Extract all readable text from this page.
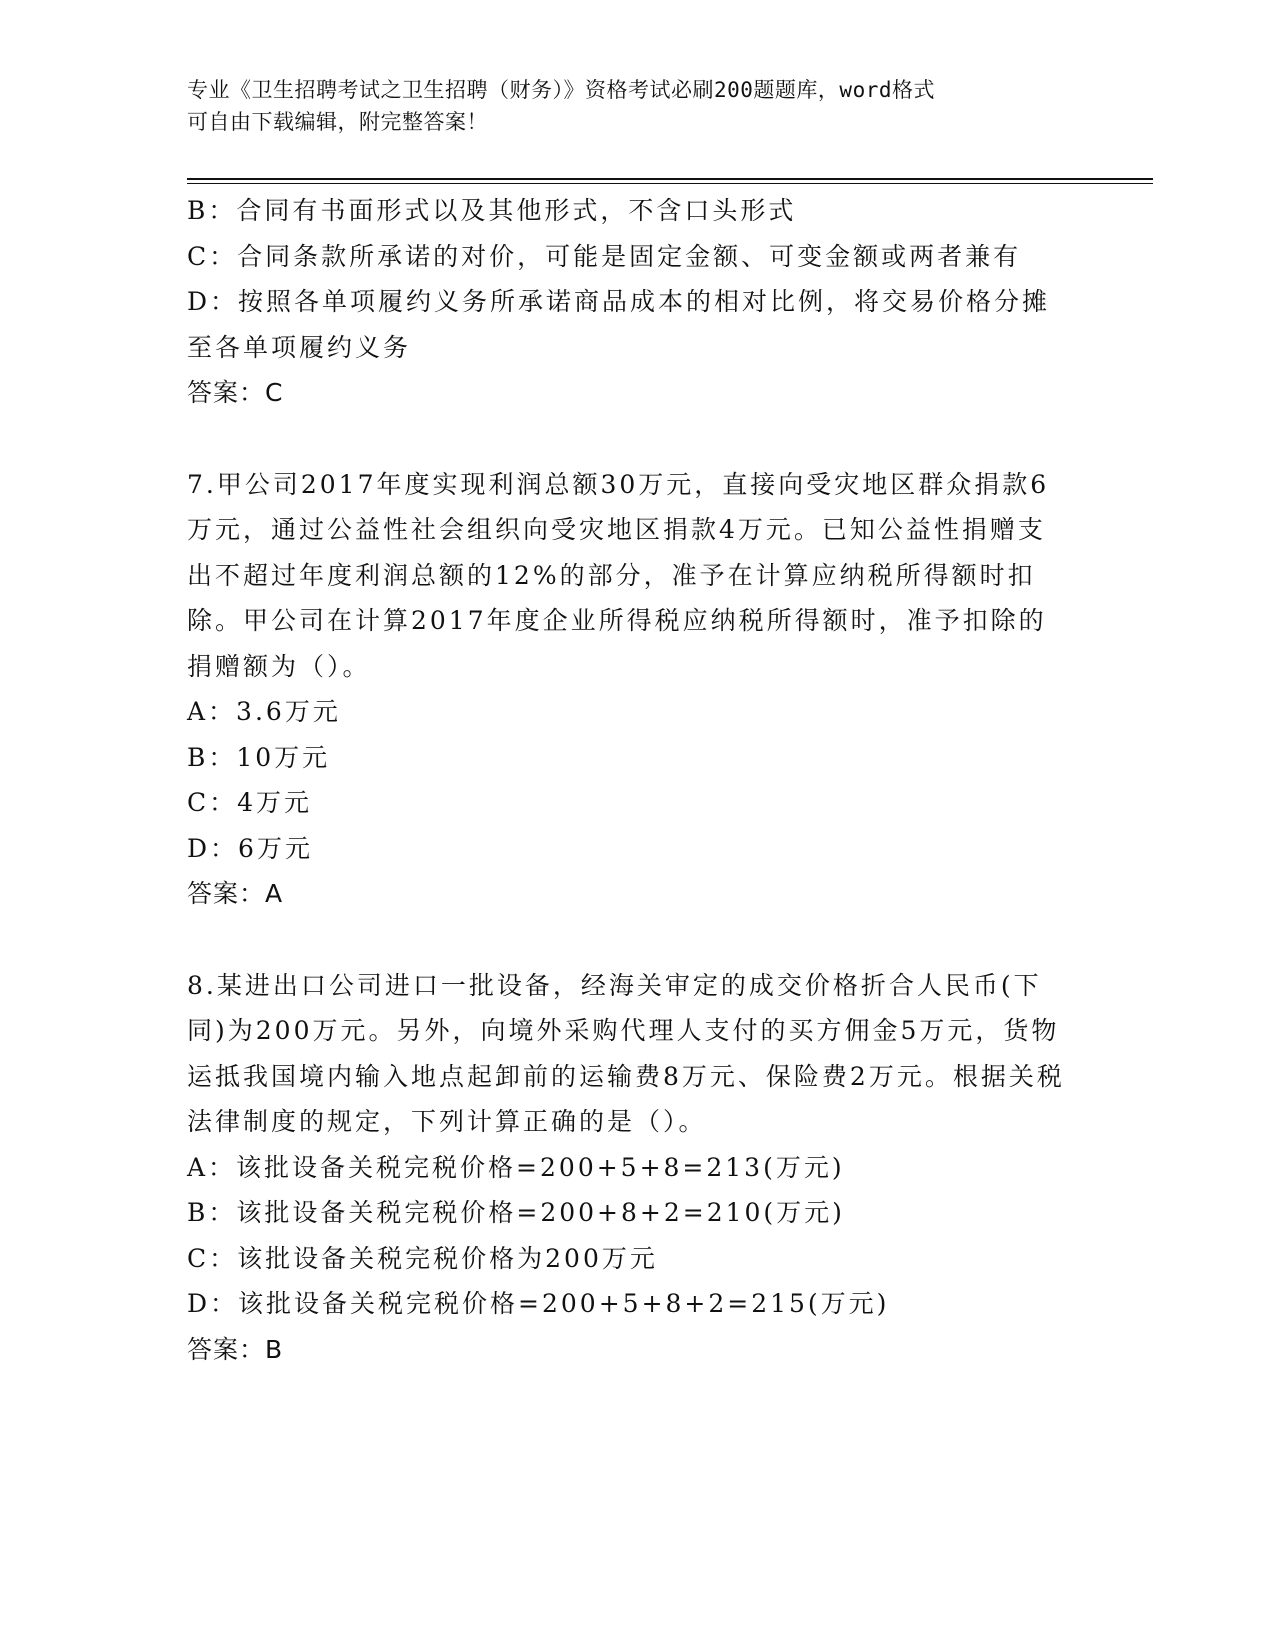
专业《卫生招聘考试之卫生招聘（财务）》资格考试必刷200题题库，word格式
可自由下载编辑，附完整答案！

B：合同有书面形式以及其他形式，不含口头形式

C：合同条款所承诺的对价，可能是固定金额、可变金额或两者兼有

D：按照各单项履约义务所承诺商品成本的相对比例，将交易价格分摊至各单项履约义务

答案：C

7.甲公司2017年度实现利润总额30万元，直接向受灾地区群众捐款6万元，通过公益性社会组织向受灾地区捐款4万元。已知公益性捐赠支出不超过年度利润总额的12%的部分，准予在计算应纳税所得额时扣除。甲公司在计算2017年度企业所得税应纳税所得额时，准予扣除的捐赠额为（）。

A：3.6万元

B：10万元

C：4万元

D：6万元

答案：A

8.某进出口公司进口一批设备，经海关审定的成交价格折合人民币(下同)为200万元。另外，向境外采购代理人支付的买方佣金5万元，货物运抵我国境内输入地点起卸前的运输费8万元、保险费2万元。根据关税法律制度的规定，下列计算正确的是（）。

A：该批设备关税完税价格=200+5+8=213(万元)

B：该批设备关税完税价格=200+8+2=210(万元)

C：该批设备关税完税价格为200万元

D：该批设备关税完税价格=200+5+8+2=215(万元)

答案：B
